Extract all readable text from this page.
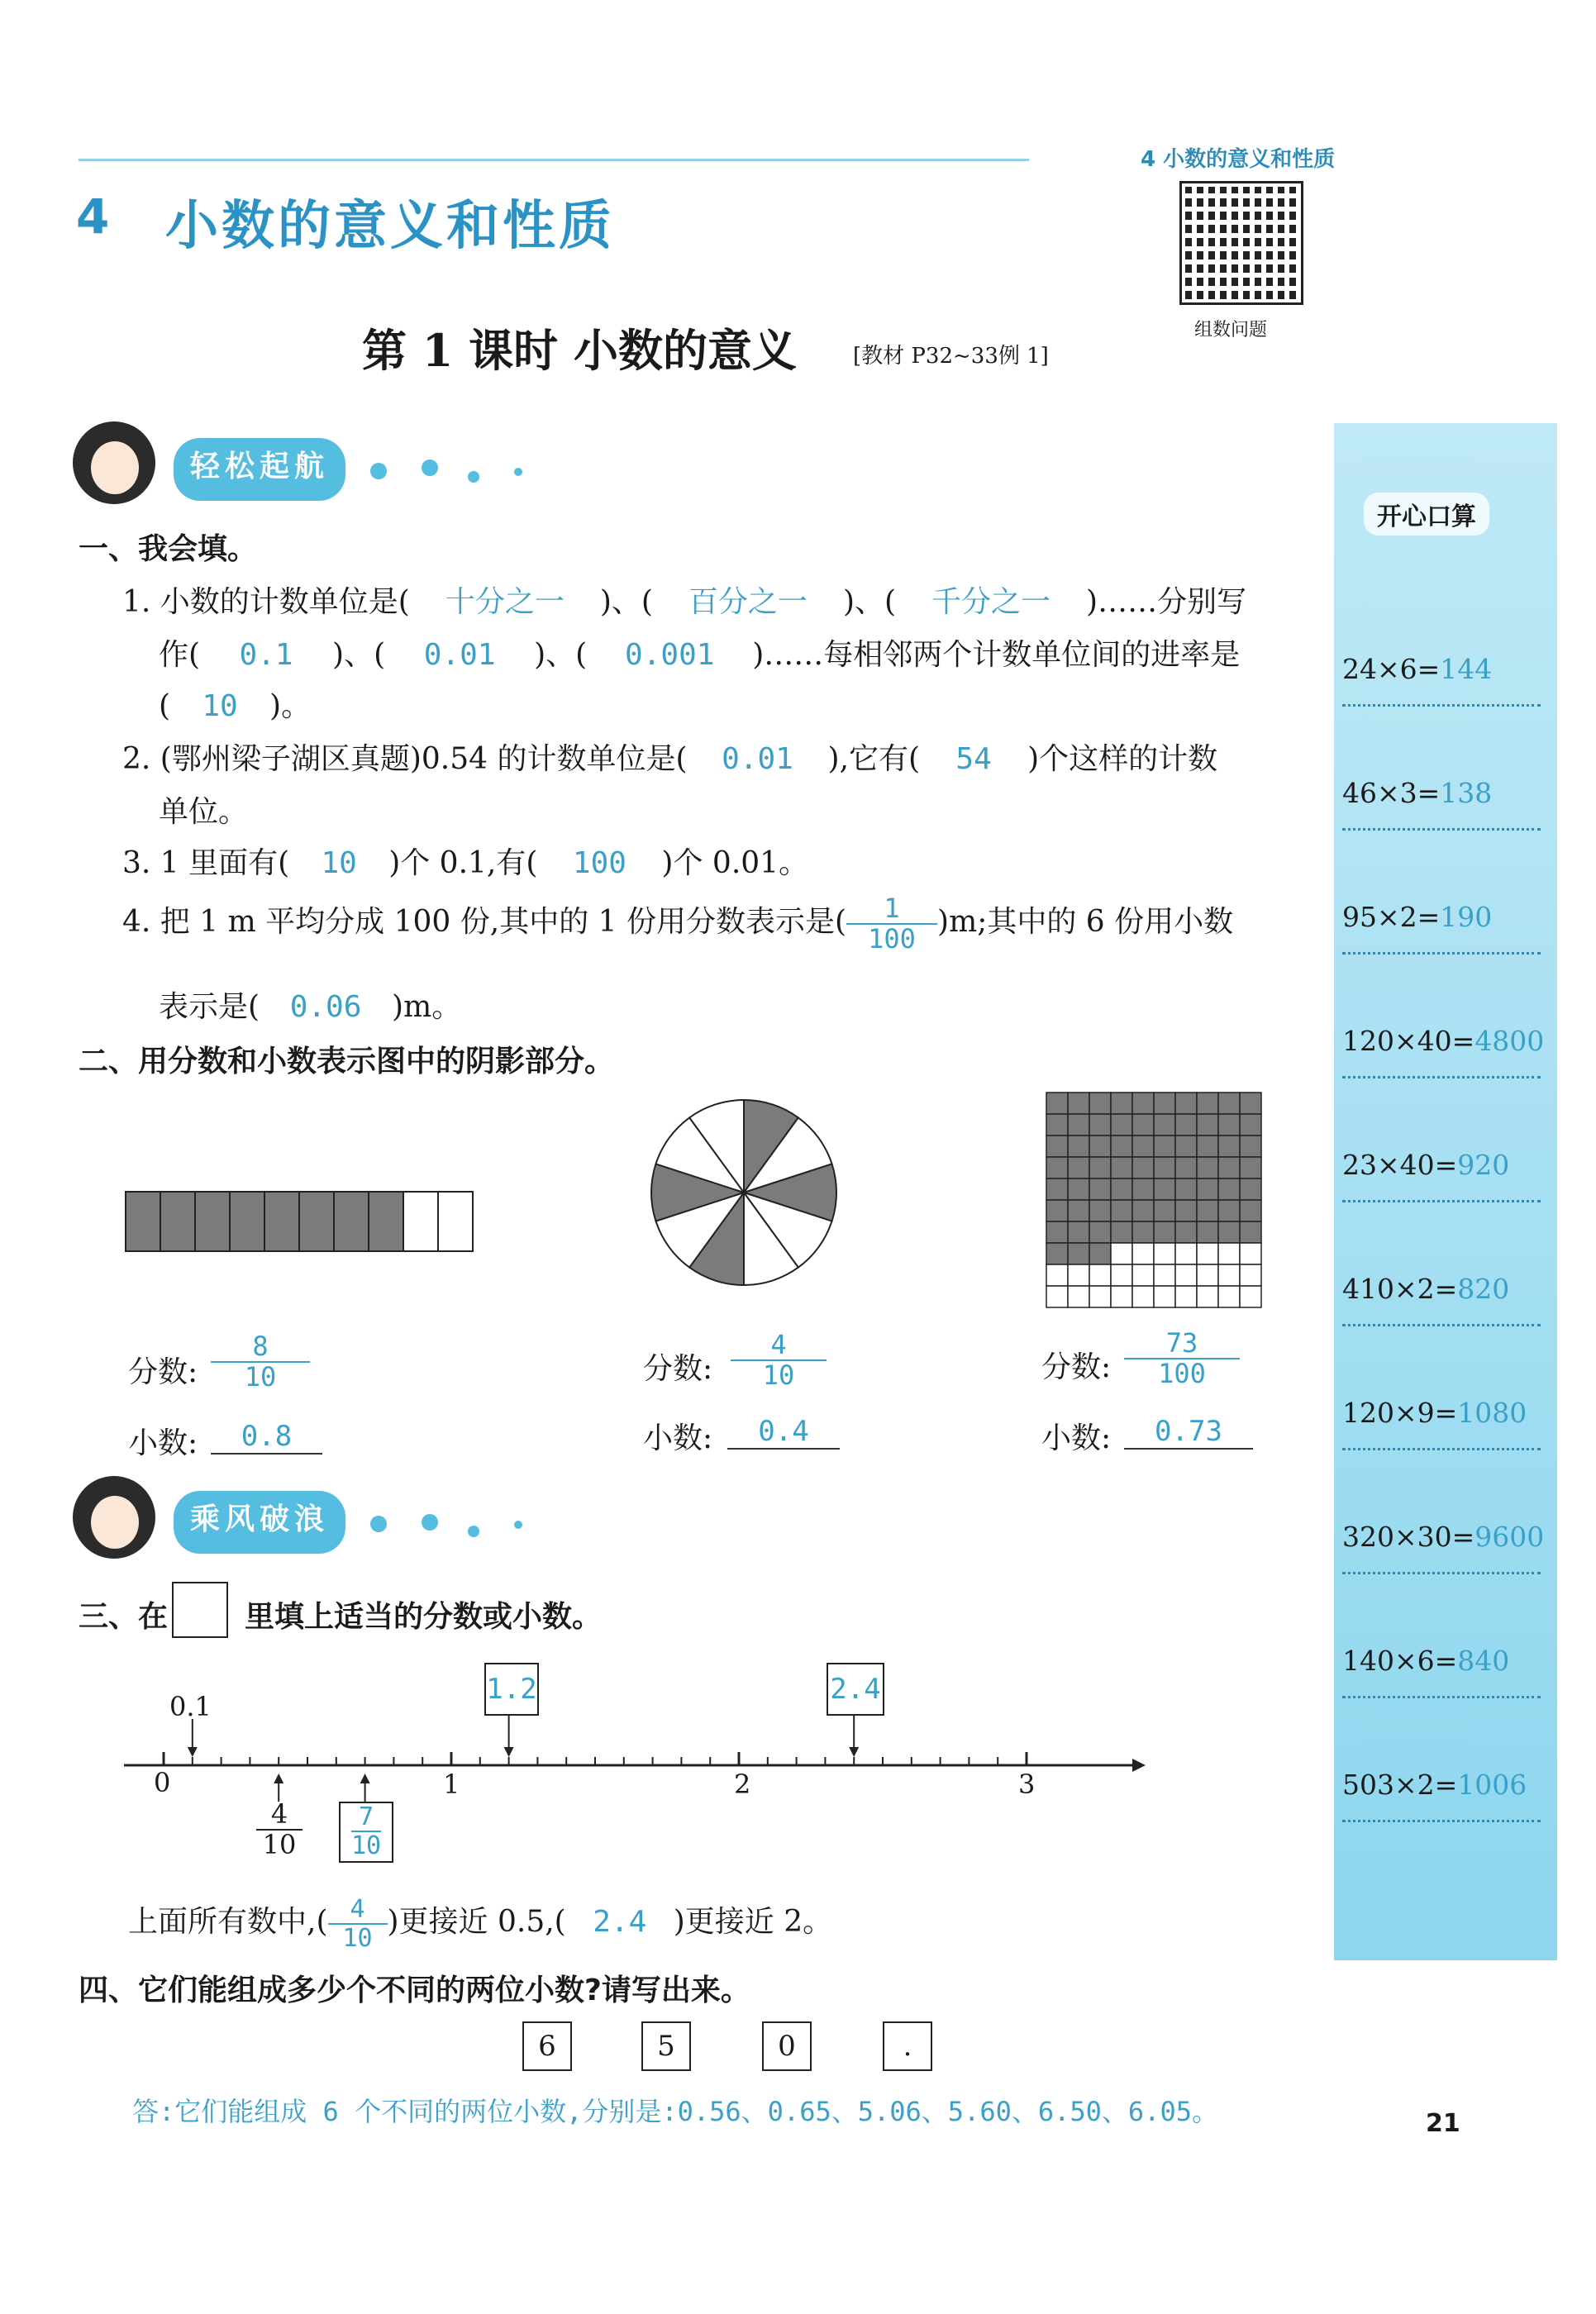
4 小数的意义和性质
4 小数的意义和性质
组数问题
第 1 课时 小数的意义	[教材 P32~33例 1]
开心口算
24×6=144
46×3=138
95×2=190
120×40=4800
23×40=920
410×2=820
120×9=1080
320×30=9600
140×6=840
503×2=1006
轻松起航
一、我会填。
1. 小数的计数单位是( 十分之一 )、( 百分之一 )、( 千分之一 )……分别写
作( 0.1 )、( 0.01 )、( 0.001 )……每相邻两个计数单位间的进率是
( 10 )。
2. (鄂州梁子湖区真题)0.54 的计数单位是( 0.01 ),它有( 54 )个这样的计数
单位。
3. 1 里面有( 10 )个 0.1,有( 100 )个 0.01。
4. 把 1 m 平均分成 100 份,其中的 1 份用分数表示是( $\frac{1}{100} )m$;其中的 6 份用小数
表示是( 0.06 )m。
二、用分数和小数表示图中的阴影部分。
分数: $\frac{8}{10}$
小数:	0.8
分数: $\frac{4}{10}$
小数:	0.4
分数: $\frac{73}{100}$
小数:	0.73
乘风破浪
三、在	里填上适当的分数或小数。
0.1
1.2	2.4
0	1	2	3
$\frac{4}{10} \frac{7}{10}$
上面所有数中,( $\frac{4}{10}$ )更接近 0.5,( 2.4 )更接近 2。
四、它们能组成多少个不同的两位小数?请写出来。
6	5	0	.
答:它们能组成 6 个不同的两位小数,分别是:0.56、0.65、5.06、5.60、6.50、6.05。	21
